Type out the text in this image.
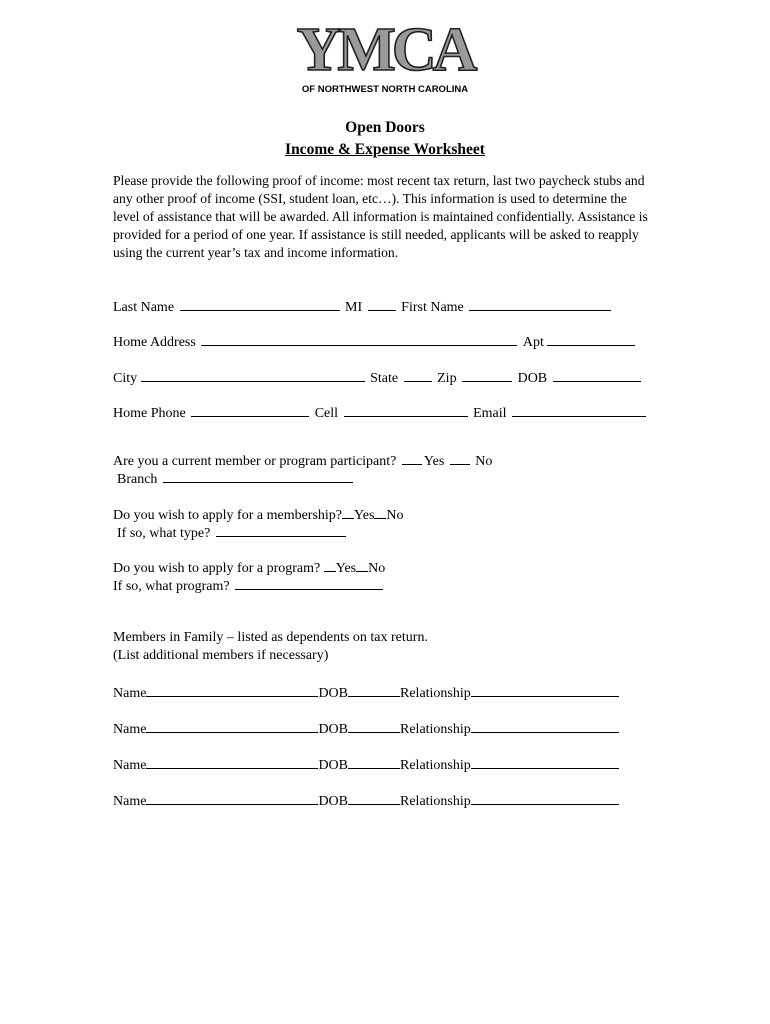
YMCA
OF NORTHWEST NORTH CAROLINA
Open Doors
Income & Expense Worksheet
Please provide the following proof of income: most recent tax return, last two paycheck stubs and any other proof of income (SSI, student loan, etc…). This information is used to determine the level of assistance that will be awarded. All information is maintained confidentially. Assistance is provided for a period of one year. If assistance is still needed, applicants will be asked to reapply using the current year’s tax and income information.
Last Name	MI	First Name
Home Address	Apt
City	State	Zip	DOB
Home Phone	Cell	Email
Are you a current member or program participant? Yes No
Branch
Do you wish to apply for a membership? Yes No
If so, what type?
Do you wish to apply for a program? Yes No
If so, what program?
Members in Family – listed as dependents on tax return.
(List additional members if necessary)
Name	DOB	Relationship
Name	DOB	Relationship
Name	DOB	Relationship
Name	DOB	Relationship
